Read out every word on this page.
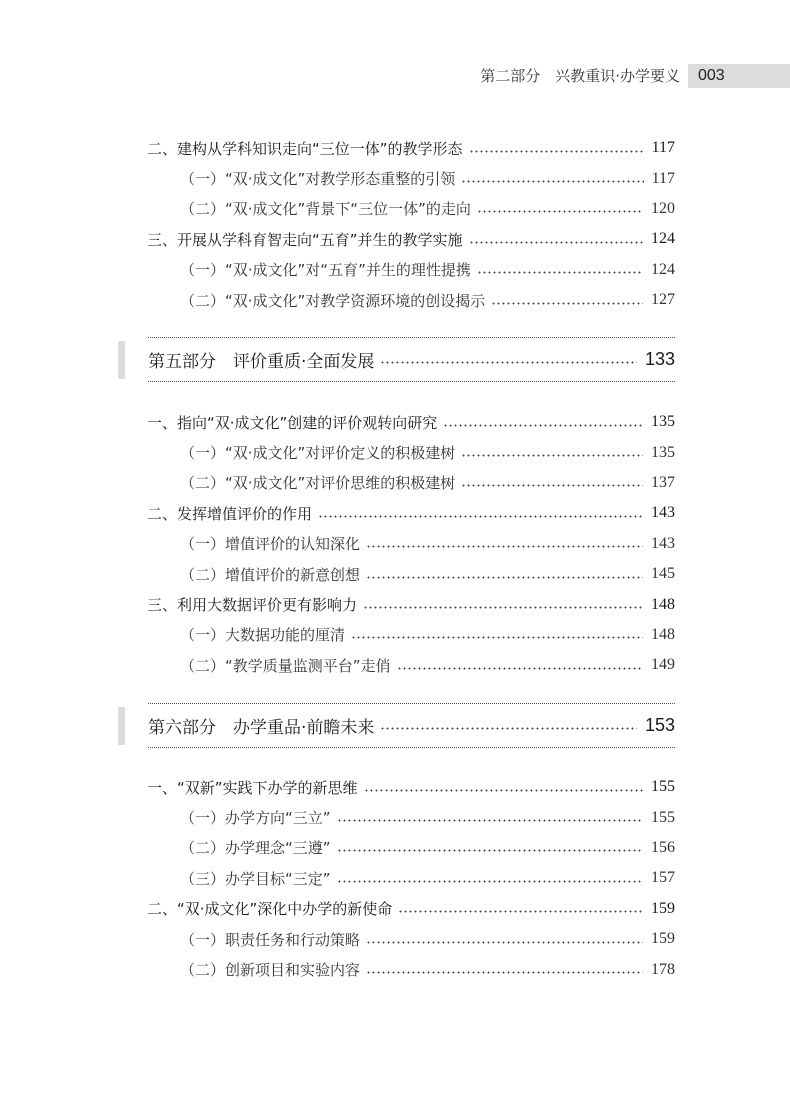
第二部分　兴教重识·办学要义	003
二、建构从学科知识走向“三位一体”的教学形态	117
（一）“双·成文化”对教学形态重整的引领	117
（二）“双·成文化”背景下“三位一体”的走向	120
三、开展从学科育智走向“五育”并生的教学实施	124
（一）“双·成文化”对“五育”并生的理性提携	124
（二）“双·成文化”对教学资源环境的创设揭示	127
第五部分　评价重质·全面发展	133
一、指向“双·成文化”创建的评价观转向研究	135
（一）“双·成文化”对评价定义的积极建树	135
（二）“双·成文化”对评价思维的积极建树	137
二、发挥增值评价的作用	143
（一）增值评价的认知深化	143
（二）增值评价的新意创想	145
三、利用大数据评价更有影响力	148
（一）大数据功能的厘清	148
（二）“教学质量监测平台”走俏	149
第六部分　办学重品·前瞻未来	153
一、“双新”实践下办学的新思维	155
（一）办学方向“三立”	155
（二）办学理念“三遵”	156
（三）办学目标“三定”	157
二、“双·成文化”深化中办学的新使命	159
（一）职责任务和行动策略	159
（二）创新项目和实验内容	178
